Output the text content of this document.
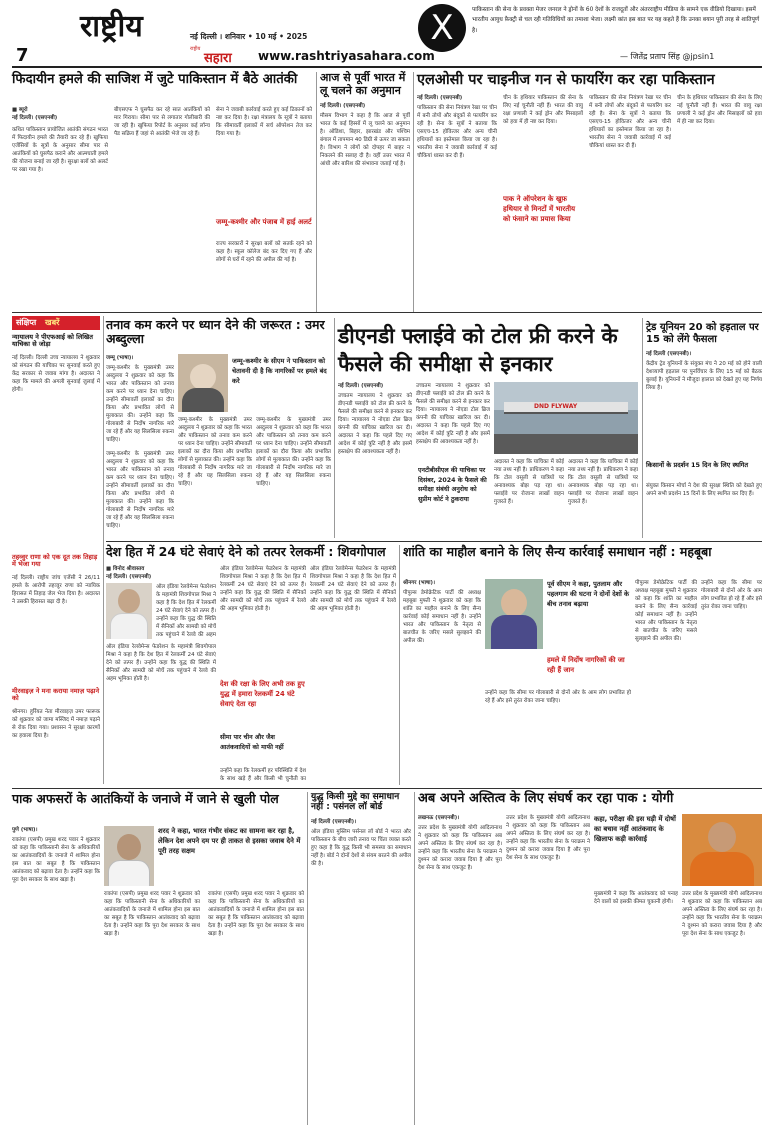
7
राष्ट्रीय	नई दिल्ली । शनिवार • 10 मई • 2025
राष्ट्रीय
सहारा www.rashtriyasahara.com
X	पाकिस्तान की सेना के प्रवक्ता मेजर जनरल ने ड्रोनों के 60 देशों के राजदूतों और अंतरराष्ट्रीय मीडिया के सामने एक वीडियो दिखाया। इसमें भारतीय आयुध फ़ैक्ट्री से चल रही गतिविधियों का तमाशा भेजा। लक्ष्मी कांत इस बात पर यह कहते हैं कि उनका बयान पूरी तरह से शातिपूर्ण है।
— जितेंद्र प्रताप सिंह @jpsin1
फिदायीन हमले की साजिश में जुटे पाकिस्तान में बैठे आतंकी
■ ब्यूरो
नई दिल्ली। (एसएनबी)
कथित पाकिस्तान प्रायोजित आतंकी संगठन भारत में फिदायीन हमले की तैयारी कर रहे हैं। खुफिया एजेंसियों के सूत्रों के अनुसार सीमा पार से आतंकियों को घुसपैठ कराने और आत्मघाती हमले की योजना बनाई जा रही है। सुरक्षा बलों को अलर्ट पर रखा गया है।
बीएसएफ ने घुसपैठ कर रहे सात आतंकियों को मार गिराया। सीमा पार से लगातार गोलीबारी की जा रही है। खुफिया रिपोर्ट के अनुसार कई लॉन्च पैड सक्रिय हैं जहां से आतंकी भेजे जा रहे हैं।
सेना ने जवाबी कार्रवाई करते हुए कई ठिकानों को नष्ट कर दिया है। रक्षा मंत्रालय के सूत्रों ने बताया कि सीमावर्ती इलाकों में सर्च ऑपरेशन तेज कर दिया गया है।
जम्मू-कश्मीर और पंजाब में हाई अलर्ट
राज्य सरकारों ने सुरक्षा बलों को सतर्क रहने को कहा है। स्कूल कॉलेज बंद कर दिए गए हैं और लोगों से घरों में रहने की अपील की गई है।
आज से पूर्वी भारत में लू चलने का अनुमान
नई दिल्ली। (एसएनबी)
मौसम विभाग ने कहा है कि आज से पूर्वी भारत के कई हिस्सों में लू चलने का अनुमान है। ओडिशा, बिहार, झारखंड और पश्चिम बंगाल में तापमान 40 डिग्री से ऊपर जा सकता है। विभाग ने लोगों को दोपहर में बाहर न निकलने की सलाह दी है। वहीं उत्तर भारत में आंधी और बारिश की संभावना जताई गई है।
एलओसी पर चाइनीज गन से फायरिंग कर रहा पाकिस्तान
नई दिल्ली। (एसएनबी)
पाकिस्तान की सेना नियंत्रण रेखा पर चीन में बनी तोपों और बंदूकों से फायरिंग कर रही है। सेना के सूत्रों ने बताया कि एसएच-15 होवित्जर और अन्य चीनी हथियारों का इस्तेमाल किया जा रहा है। भारतीय सेना ने जवाबी कार्रवाई में कई चौकियां ध्वस्त कर दी हैं।
चीन के हथियार पाकिस्तान की सेना के लिए नई चुनौती नहीं हैं। भारत की वायु रक्षा प्रणाली ने कई ड्रोन और मिसाइलों को हवा में ही नष्ट कर दिया।
पाक ने ऑपरेशन के खुफ़ हथियार से मिनटों में भारतीय को फंसाने का प्रयास किया
पाकिस्तान की सेना नियंत्रण रेखा पर चीन में बनी तोपों और बंदूकों से फायरिंग कर रही है। सेना के सूत्रों ने बताया कि एसएच-15 होवित्जर और अन्य चीनी हथियारों का इस्तेमाल किया जा रहा है। भारतीय सेना ने जवाबी कार्रवाई में कई चौकियां ध्वस्त कर दी हैं।
चीन के हथियार पाकिस्तान की सेना के लिए नई चुनौती नहीं हैं। भारत की वायु रक्षा प्रणाली ने कई ड्रोन और मिसाइलों को हवा में ही नष्ट कर दिया।
संक्षिप्त खबरें
न्यायालय ने पीएफआई को लिखित याचिका से जोड़ा
नई दिल्ली। दिल्ली उच्च न्यायालय ने शुक्रवार को संगठन की याचिका पर सुनवाई करते हुए केंद्र सरकार से जवाब मांगा है। अदालत ने कहा कि मामले की अगली सुनवाई जुलाई में होगी।
तहव्वुर राणा को एक दूत तक तिहाड़ में भेजा गया
नई दिल्ली। राष्ट्रीय जांच एजेंसी ने 26/11 हमले के आरोपी तहव्वुर राणा को न्यायिक हिरासत में तिहाड़ जेल भेज दिया है। अदालत ने उसकी हिरासत बढ़ा दी है।
मीरवाइज़ ने मना कराया नमाज़ पढ़ाने को
श्रीनगर। हुर्रियत नेता मीरवाइज़ उमर फारूक को शुक्रवार को जामा मस्जिद में नमाज़ पढ़ाने से रोक दिया गया। प्रशासन ने सुरक्षा कारणों का हवाला दिया है।
तनाव कम करने पर ध्यान देने की जरूरत : उमर अब्दुल्ला
जम्मू (भाषा)।
जम्मू-कश्मीर के मुख्यमंत्री उमर अब्दुल्ला ने शुक्रवार को कहा कि भारत और पाकिस्तान को तनाव कम करने पर ध्यान देना चाहिए। उन्होंने सीमावर्ती इलाकों का दौरा किया और प्रभावित लोगों से मुलाकात की। उन्होंने कहा कि गोलाबारी से निर्दोष नागरिक मारे जा रहे हैं और यह सिलसिला रुकना चाहिए।
जम्मू-कश्मीर के सीएम ने पाकिस्तान को चेतावनी दी है कि नागरिकों पर हमले बंद करे
जम्मू-कश्मीर के मुख्यमंत्री उमर अब्दुल्ला ने शुक्रवार को कहा कि भारत और पाकिस्तान को तनाव कम करने पर ध्यान देना चाहिए। उन्होंने सीमावर्ती इलाकों का दौरा किया और प्रभावित लोगों से मुलाकात की। उन्होंने कहा कि गोलाबारी से निर्दोष नागरिक मारे जा रहे हैं और यह सिलसिला रुकना चाहिए।
जम्मू-कश्मीर के मुख्यमंत्री उमर अब्दुल्ला ने शुक्रवार को कहा कि भारत और पाकिस्तान को तनाव कम करने पर ध्यान देना चाहिए। उन्होंने सीमावर्ती इलाकों का दौरा किया और प्रभावित लोगों से मुलाकात की। उन्होंने कहा कि गोलाबारी से निर्दोष नागरिक मारे जा रहे हैं और यह सिलसिला रुकना चाहिए।
जम्मू-कश्मीर के मुख्यमंत्री उमर अब्दुल्ला ने शुक्रवार को कहा कि भारत और पाकिस्तान को तनाव कम करने पर ध्यान देना चाहिए। उन्होंने सीमावर्ती इलाकों का दौरा किया और प्रभावित लोगों से मुलाकात की। उन्होंने कहा कि गोलाबारी से निर्दोष नागरिक मारे जा रहे हैं और यह सिलसिला रुकना चाहिए।
डीएनडी फ्लाईवे को टोल फ्री करने के फैसले की समीक्षा से इनकार
नई दिल्ली। (एसएनबी)
उच्चतम न्यायालय ने शुक्रवार को डीएनडी फ्लाईवे को टोल फ्री करने के फैसले की समीक्षा करने से इनकार कर दिया। न्यायालय ने नोएडा टोल ब्रिज कंपनी की याचिका खारिज कर दी। अदालत ने कहा कि पहले दिए गए आदेश में कोई त्रुटि नहीं है और इसमें हस्तक्षेप की आवश्यकता नहीं है।
उच्चतम न्यायालय ने शुक्रवार को डीएनडी फ्लाईवे को टोल फ्री करने के फैसले की समीक्षा करने से इनकार कर दिया। न्यायालय ने नोएडा टोल ब्रिज कंपनी की याचिका खारिज कर दी। अदालत ने कहा कि पहले दिए गए आदेश में कोई त्रुटि नहीं है और इसमें हस्तक्षेप की आवश्यकता नहीं है।
एनटीबीसीएल की याचिका पर दिसंबर, 2024 के फैसले की समीक्षा संबंधी अनुरोध को सुप्रीम कोर्ट ने ठुकराया
DND FLYWAY
अदालत ने कहा कि याचिका में कोई नया तथ्य नहीं है। प्राधिकरण ने कहा कि टोल वसूली से यात्रियों पर अनावश्यक बोझ पड़ रहा था। फ्लाईवे पर रोजाना लाखों वाहन गुजरते हैं।
अदालत ने कहा कि याचिका में कोई नया तथ्य नहीं है। प्राधिकरण ने कहा कि टोल वसूली से यात्रियों पर अनावश्यक बोझ पड़ रहा था। फ्लाईवे पर रोजाना लाखों वाहन गुजरते हैं।
ट्रेड यूनियन 20 को हड़ताल पर 15 को लेंगे फैसला
नई दिल्ली (एसएनबी)।
केंद्रीय ट्रेड यूनियनों के संयुक्त मंच ने 20 मई को होने वाली देशव्यापी हड़ताल पर पुनर्विचार के लिए 15 मई को बैठक बुलाई है। यूनियनों ने मौजूदा हालात को देखते हुए यह निर्णय लिया है।
किसानों के प्रदर्शन 15 दिन के लिए स्थगित
संयुक्त किसान मोर्चा ने देश की सुरक्षा स्थिति को देखते हुए अपने सभी प्रदर्शन 15 दिनों के लिए स्थगित कर दिए हैं।
देश हित में 24 घंटे सेवाएं देने को तत्पर रेलकर्मी : शिवगोपाल
■ विनोद श्रीवास्तव
नई दिल्ली। (एसएनबी)
ऑल इंडिया रेलवेमेन्स फेडरेशन के महामंत्री शिवगोपाल मिश्रा ने कहा है कि देश हित में रेलकर्मी 24 घंटे सेवाएं देने को तत्पर हैं। उन्होंने कहा कि युद्ध की स्थिति में सैनिकों और सामग्री को मोर्चे तक पहुंचाने में रेलवे की अहम
ऑल इंडिया रेलवेमेन्स फेडरेशन के महामंत्री शिवगोपाल मिश्रा ने कहा है कि देश हित में रेलकर्मी 24 घंटे सेवाएं देने को तत्पर हैं। उन्होंने कहा कि युद्ध की स्थिति में सैनिकों और सामग्री को मोर्चे तक पहुंचाने में रेलवे की अहम भूमिका होती है।
ऑल इंडिया रेलवेमेन्स फेडरेशन के महामंत्री शिवगोपाल मिश्रा ने कहा है कि देश हित में रेलकर्मी 24 घंटे सेवाएं देने को तत्पर हैं। उन्होंने कहा कि युद्ध की स्थिति में सैनिकों और सामग्री को मोर्चे तक पहुंचाने में रेलवे की अहम भूमिका होती है।
देश की रक्षा के लिए अभी तक हुए युद्ध में हमारा रेलकर्मी 24 घंटे सेवाएं देता रहा
सीमा पार चीन और जैश आतंकवादियों को माफी नहीं
उन्होंने कहा कि रेलकर्मी हर परिस्थिति में देश के साथ खड़े हैं और किसी भी चुनौती का
ऑल इंडिया रेलवेमेन्स फेडरेशन के महामंत्री शिवगोपाल मिश्रा ने कहा है कि देश हित में रेलकर्मी 24 घंटे सेवाएं देने को तत्पर हैं। उन्होंने कहा कि युद्ध की स्थिति में सैनिकों और सामग्री को मोर्चे तक पहुंचाने में रेलवे की अहम भूमिका होती है।
शांति का माहौल बनाने के लिए सैन्य कार्रवाई समाधान नहीं : महबूबा
श्रीनगर (भाषा)।
पीपुल्स डेमोक्रेटिक पार्टी की अध्यक्ष महबूबा मुफ्ती ने शुक्रवार को कहा कि शांति का माहौल बनाने के लिए सैन्य कार्रवाई कोई समाधान नहीं है। उन्होंने भारत और पाकिस्तान के नेतृत्व से बातचीत के जरिए मसले सुलझाने की अपील की।
पूर्व सीएम ने कहा, पुतलाम और पहलगाम की घटना ने दोनों देशों के बीच तनाव बढ़ाया
हमले में निर्दोष नागरिकों की जा रही हैं जान
उन्होंने कहा कि सीमा पर गोलाबारी से दोनों ओर के आम लोग प्रभावित हो रहे हैं और इसे तुरंत रोका जाना चाहिए।
पीपुल्स डेमोक्रेटिक पार्टी की अध्यक्ष महबूबा मुफ्ती ने शुक्रवार को कहा कि शांति का माहौल बनाने के लिए सैन्य कार्रवाई कोई समाधान नहीं है। उन्होंने भारत और पाकिस्तान के नेतृत्व से बातचीत के जरिए मसले सुलझाने की अपील की।
उन्होंने कहा कि सीमा पर गोलाबारी से दोनों ओर के आम लोग प्रभावित हो रहे हैं और इसे तुरंत रोका जाना चाहिए।
पाक अफसरों के आतंकियों के जनाजे में जाने से खुली पोल
पुणे (भाषा)।
राकांपा (एसपी) प्रमुख शरद पवार ने शुक्रवार को कहा कि पाकिस्तानी सेना के अधिकारियों का आतंकवादियों के जनाजे में शामिल होना इस बात का सबूत है कि पाकिस्तान आतंकवाद को बढ़ावा देता है। उन्होंने कहा कि पूरा देश सरकार के साथ खड़ा है।
शरद ने कहा, भारत गंभीर संकट का सामना कर रहा है, लेकिन देश अपने दम पर ही ताकत से इसका जवाब देने में पूरी तरह सक्षम
राकांपा (एसपी) प्रमुख शरद पवार ने शुक्रवार को कहा कि पाकिस्तानी सेना के अधिकारियों का आतंकवादियों के जनाजे में शामिल होना इस बात का सबूत है कि पाकिस्तान आतंकवाद को बढ़ावा देता है। उन्होंने कहा कि पूरा देश सरकार के साथ खड़ा है।
राकांपा (एसपी) प्रमुख शरद पवार ने शुक्रवार को कहा कि पाकिस्तानी सेना के अधिकारियों का आतंकवादियों के जनाजे में शामिल होना इस बात का सबूत है कि पाकिस्तान आतंकवाद को बढ़ावा देता है। उन्होंने कहा कि पूरा देश सरकार के साथ खड़ा है।
युद्ध किसी मुद्दे का समाधान नहीं : पसंनल लॉ बोर्ड
नई दिल्ली (एसएनबी)।
ऑल इंडिया मुस्लिम पर्सनल लॉ बोर्ड ने भारत और पाकिस्तान के बीच जारी तनाव पर चिंता व्यक्त करते हुए कहा है कि युद्ध किसी भी समस्या का समाधान नहीं है। बोर्ड ने दोनों देशों से संयम बरतने की अपील की है।
अब अपने अस्तित्व के लिए संघर्ष कर रहा पाक : योगी
लखनऊ (एसएनबी)।
उत्तर प्रदेश के मुख्यमंत्री योगी आदित्यनाथ ने शुक्रवार को कहा कि पाकिस्तान अब अपने अस्तित्व के लिए संघर्ष कर रहा है। उन्होंने कहा कि भारतीय सेना के पराक्रम ने दुश्मन को करारा जवाब दिया है और पूरा देश सेना के साथ एकजुट है।
उत्तर प्रदेश के मुख्यमंत्री योगी आदित्यनाथ ने शुक्रवार को कहा कि पाकिस्तान अब अपने अस्तित्व के लिए संघर्ष कर रहा है। उन्होंने कहा कि भारतीय सेना के पराक्रम ने दुश्मन को करारा जवाब दिया है और पूरा देश सेना के साथ एकजुट है।
कहा, परीक्षा की इस घड़ी में दोषों का बचाव नहीं आतंकवाद के खिलाफ कड़ी कार्रवाई
मुख्यमंत्री ने कहा कि आतंकवाद को पनाह देने वालों को इसकी कीमत चुकानी होगी।
उत्तर प्रदेश के मुख्यमंत्री योगी आदित्यनाथ ने शुक्रवार को कहा कि पाकिस्तान अब अपने अस्तित्व के लिए संघर्ष कर रहा है। उन्होंने कहा कि भारतीय सेना के पराक्रम ने दुश्मन को करारा जवाब दिया है और पूरा देश सेना के साथ एकजुट है।
